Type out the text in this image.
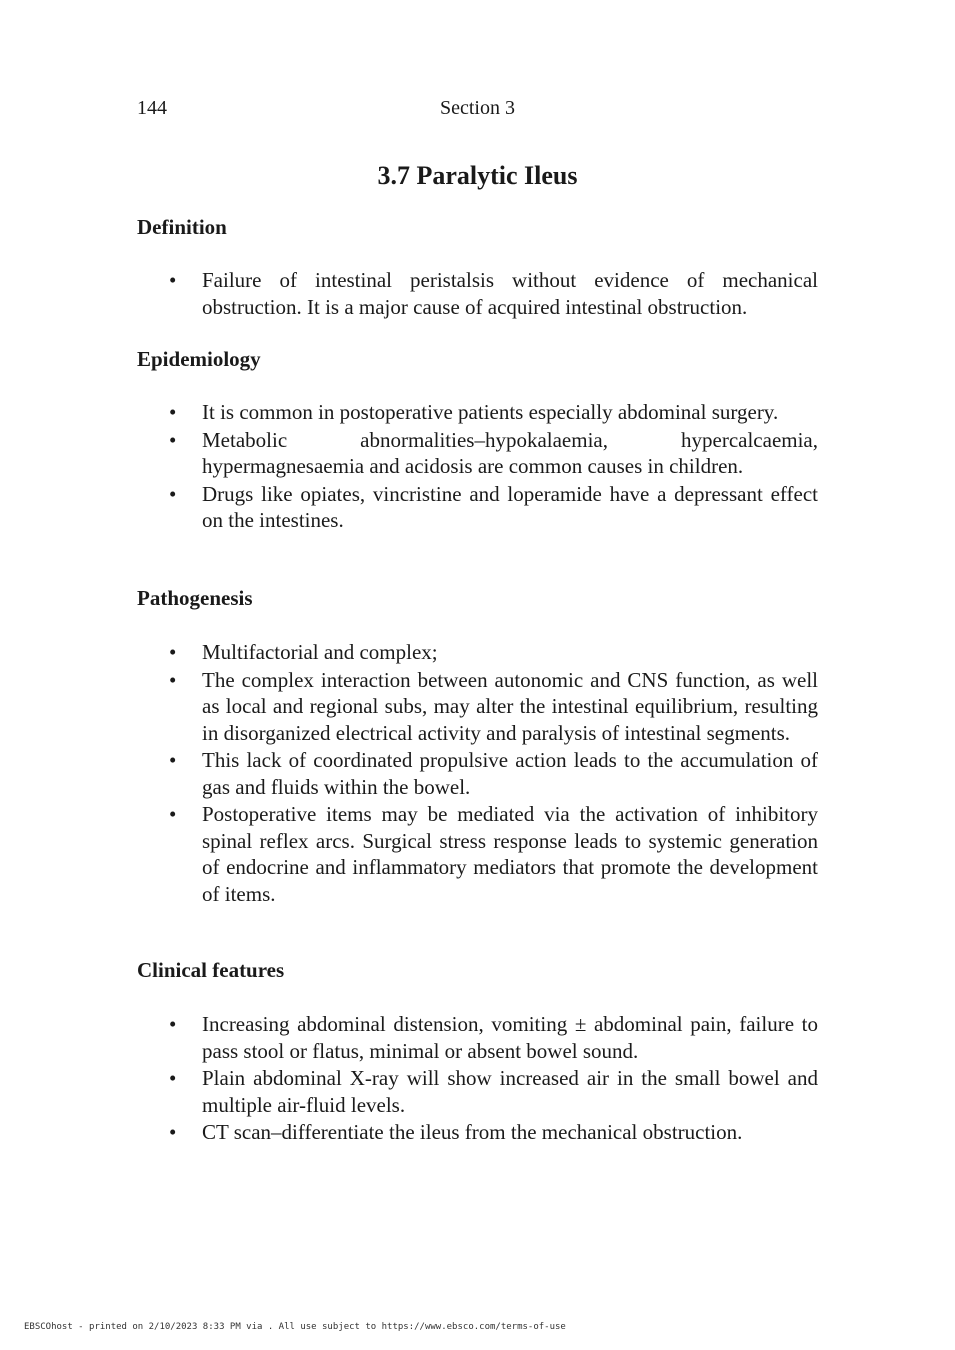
144	Section 3
3.7 Paralytic Ileus
Definition
• Failure of intestinal peristalsis without evidence of mechanical obstruction. It is a major cause of acquired intestinal obstruction.
Epidemiology
• It is common in postoperative patients especially abdominal surgery.
• Metabolic abnormalities–hypokalaemia, hypercalcaemia, hypermagnesaemia and acidosis are common causes in children.
• Drugs like opiates, vincristine and loperamide have a depressant effect on the intestines.
Pathogenesis
• Multifactorial and complex;
• The complex interaction between autonomic and CNS function, as well as local and regional subs, may alter the intestinal equilibrium, resulting in disorganized electrical activity and paralysis of intestinal segments.
• This lack of coordinated propulsive action leads to the accumulation of gas and fluids within the bowel.
• Postoperative items may be mediated via the activation of inhibitory spinal reflex arcs. Surgical stress response leads to systemic generation of endocrine and inflammatory mediators that promote the development of items.
Clinical features
• Increasing abdominal distension, vomiting ± abdominal pain, failure to pass stool or flatus, minimal or absent bowel sound.
• Plain abdominal X-ray will show increased air in the small bowel and multiple air-fluid levels.
• CT scan–differentiate the ileus from the mechanical obstruction.
EBSCOhost - printed on 2/10/2023 8:33 PM via . All use subject to https://www.ebsco.com/terms-of-use
